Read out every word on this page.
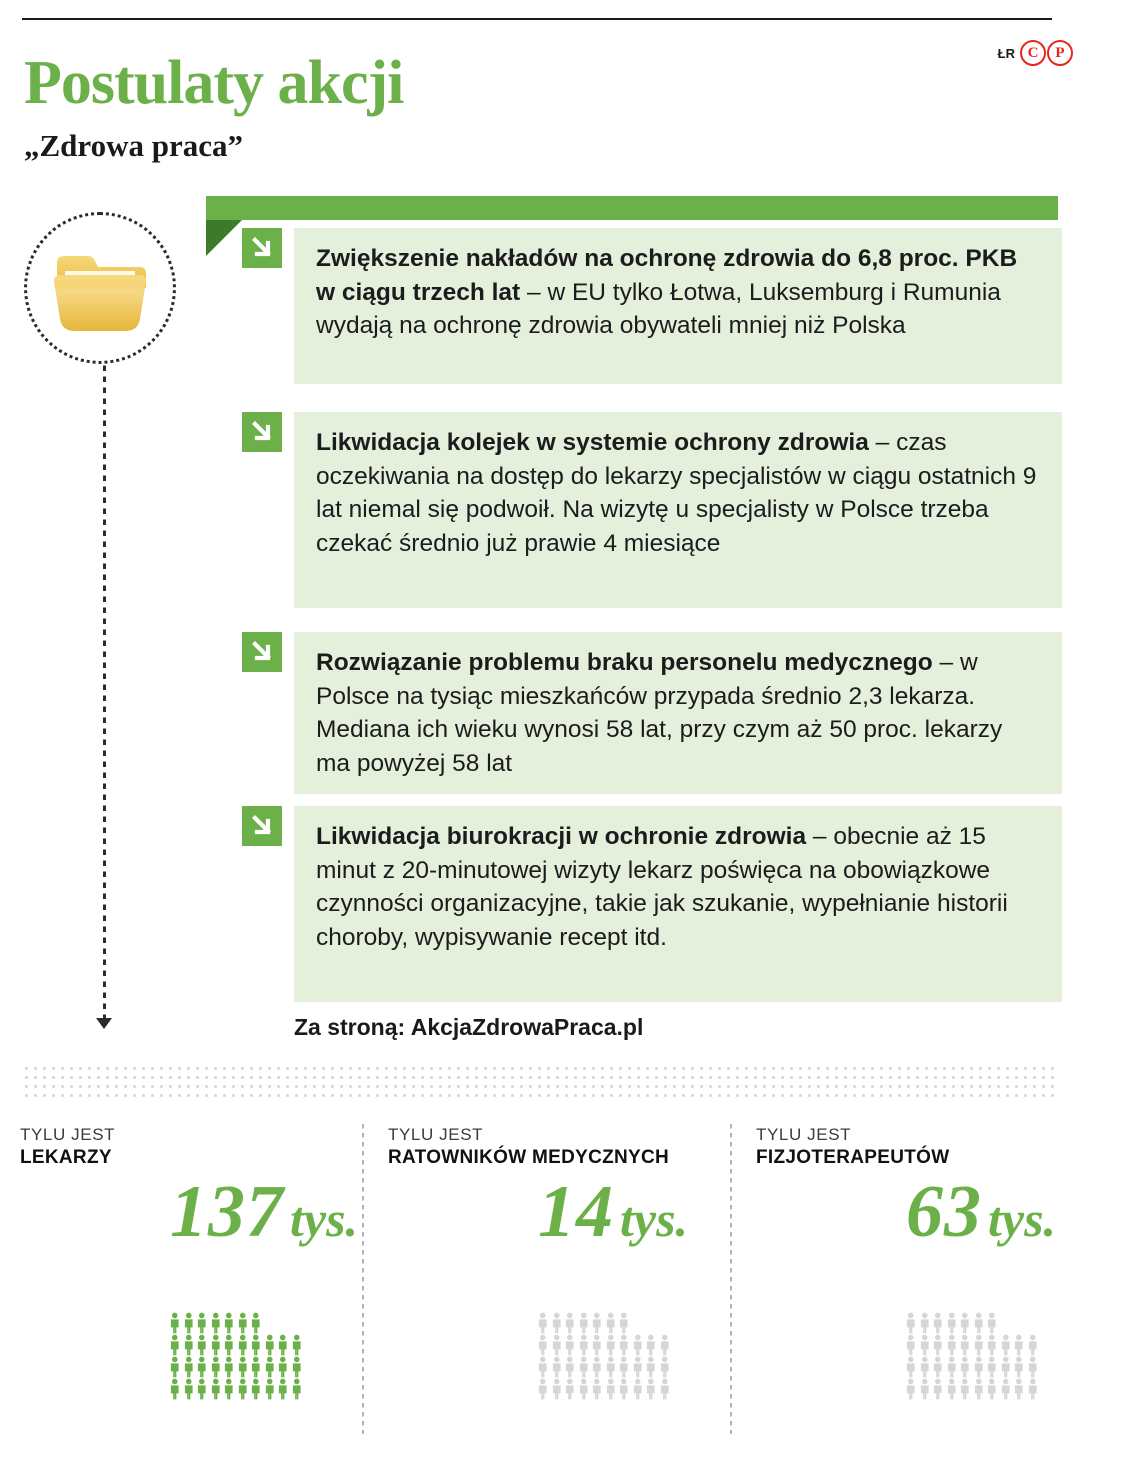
ŁR C	P
Postulaty akcji
„Zdrowa praca”
Zwiększenie nakładów na ochronę zdrowia do 6,8 proc. PKB w ciągu trzech lat – w EU tylko Łotwa, Luksemburg i Rumunia wydają na ochronę zdrowia obywateli mniej niż Polska
Likwidacja kolejek w systemie ochrony zdrowia – czas oczekiwania na dostęp do lekarzy specjalistów w ciągu ostatnich 9 lat niemal się podwoił. Na wizytę u specjalisty w Polsce trzeba czekać średnio już prawie 4 miesiące
Rozwiązanie problemu braku personelu medycznego – w Polsce na tysiąc mieszkańców przypada średnio 2,3 lekarza. Mediana ich wieku wynosi 58 lat, przy czym aż 50 proc. lekarzy ma powyżej 58 lat
Likwidacja biurokracji w ochronie zdrowia – obecnie aż 15 minut z 20-minutowej wizyty lekarz poświęca na obowiązkowe czynności organizacyjne, takie jak szukanie, wypełnianie historii choroby, wypisywanie recept itd.
Za stroną: AkcjaZdrowaPraca.pl
TYLU JEST
LEKARZY
137 tys.
TYLU JEST
RATOWNIKÓW MEDYCZNYCH
14 tys.
TYLU JEST
FIZJOTERAPEUTÓW
63 tys.
